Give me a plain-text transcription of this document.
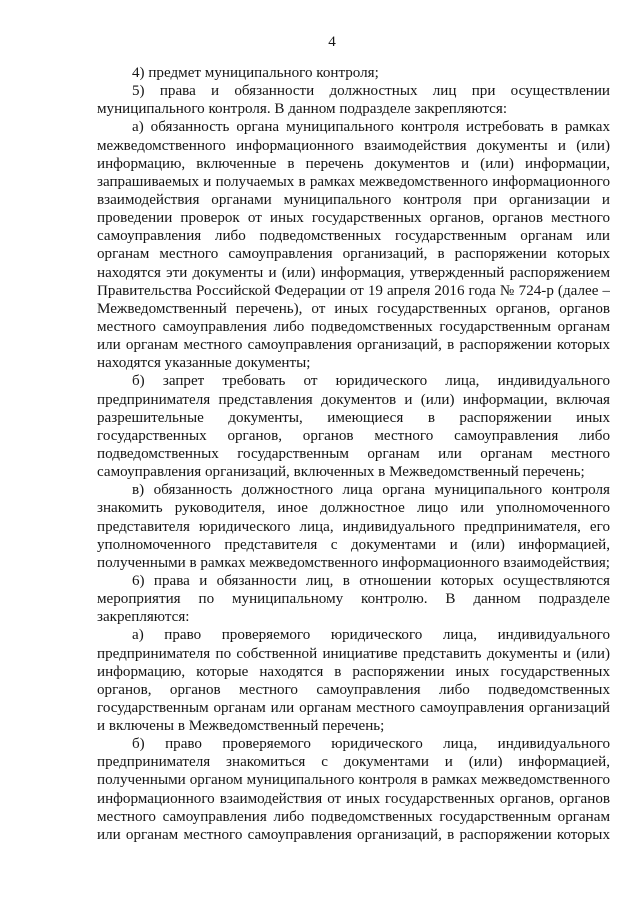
4
4) предмет муниципального контроля;
5) права и обязанности должностных лиц при осуществлении
муниципального контроля. В данном подразделе закрепляются:
а) обязанность органа муниципального контроля истребовать в рамках
межведомственного информационного взаимодействия документы и (или)
информацию, включенные в перечень документов и (или) информации,
запрашиваемых и получаемых в рамках межведомственного информационного
взаимодействия органами муниципального контроля при организации и
проведении проверок от иных государственных органов, органов местного
самоуправления либо подведомственных государственным органам или
органам местного самоуправления организаций, в распоряжении которых
находятся эти документы и (или) информация, утвержденный распоряжением
Правительства Российской Федерации от 19 апреля 2016 года № 724-р (далее –
Межведомственный перечень), от иных государственных органов, органов
местного самоуправления либо подведомственных государственным органам
или органам местного самоуправления организаций, в распоряжении которых
находятся указанные документы;
б) запрет требовать от юридического лица, индивидуального
предпринимателя представления документов и (или) информации, включая
разрешительные документы, имеющиеся в распоряжении иных
государственных органов, органов местного самоуправления либо
подведомственных государственным органам или органам местного
самоуправления организаций, включенных в Межведомственный перечень;
в) обязанность должностного лица органа муниципального контроля
знакомить руководителя, иное должностное лицо или уполномоченного
представителя юридического лица, индивидуального предпринимателя, его
уполномоченного представителя с документами и (или) информацией,
полученными в рамках межведомственного информационного взаимодействия;
6) права и обязанности лиц, в отношении которых осуществляются
мероприятия по муниципальному контролю. В данном подразделе
закрепляются:
а) право проверяемого юридического лица, индивидуального
предпринимателя по собственной инициативе представить документы и (или)
информацию, которые находятся в распоряжении иных государственных
органов, органов местного самоуправления либо подведомственных
государственным органам или органам местного самоуправления организаций
и включены в Межведомственный перечень;
б) право проверяемого юридического лица, индивидуального
предпринимателя знакомиться с документами и (или) информацией,
полученными органом муниципального контроля в рамках межведомственного
информационного взаимодействия от иных государственных органов, органов
местного самоуправления либо подведомственных государственным органам
или органам местного самоуправления организаций, в распоряжении которых
